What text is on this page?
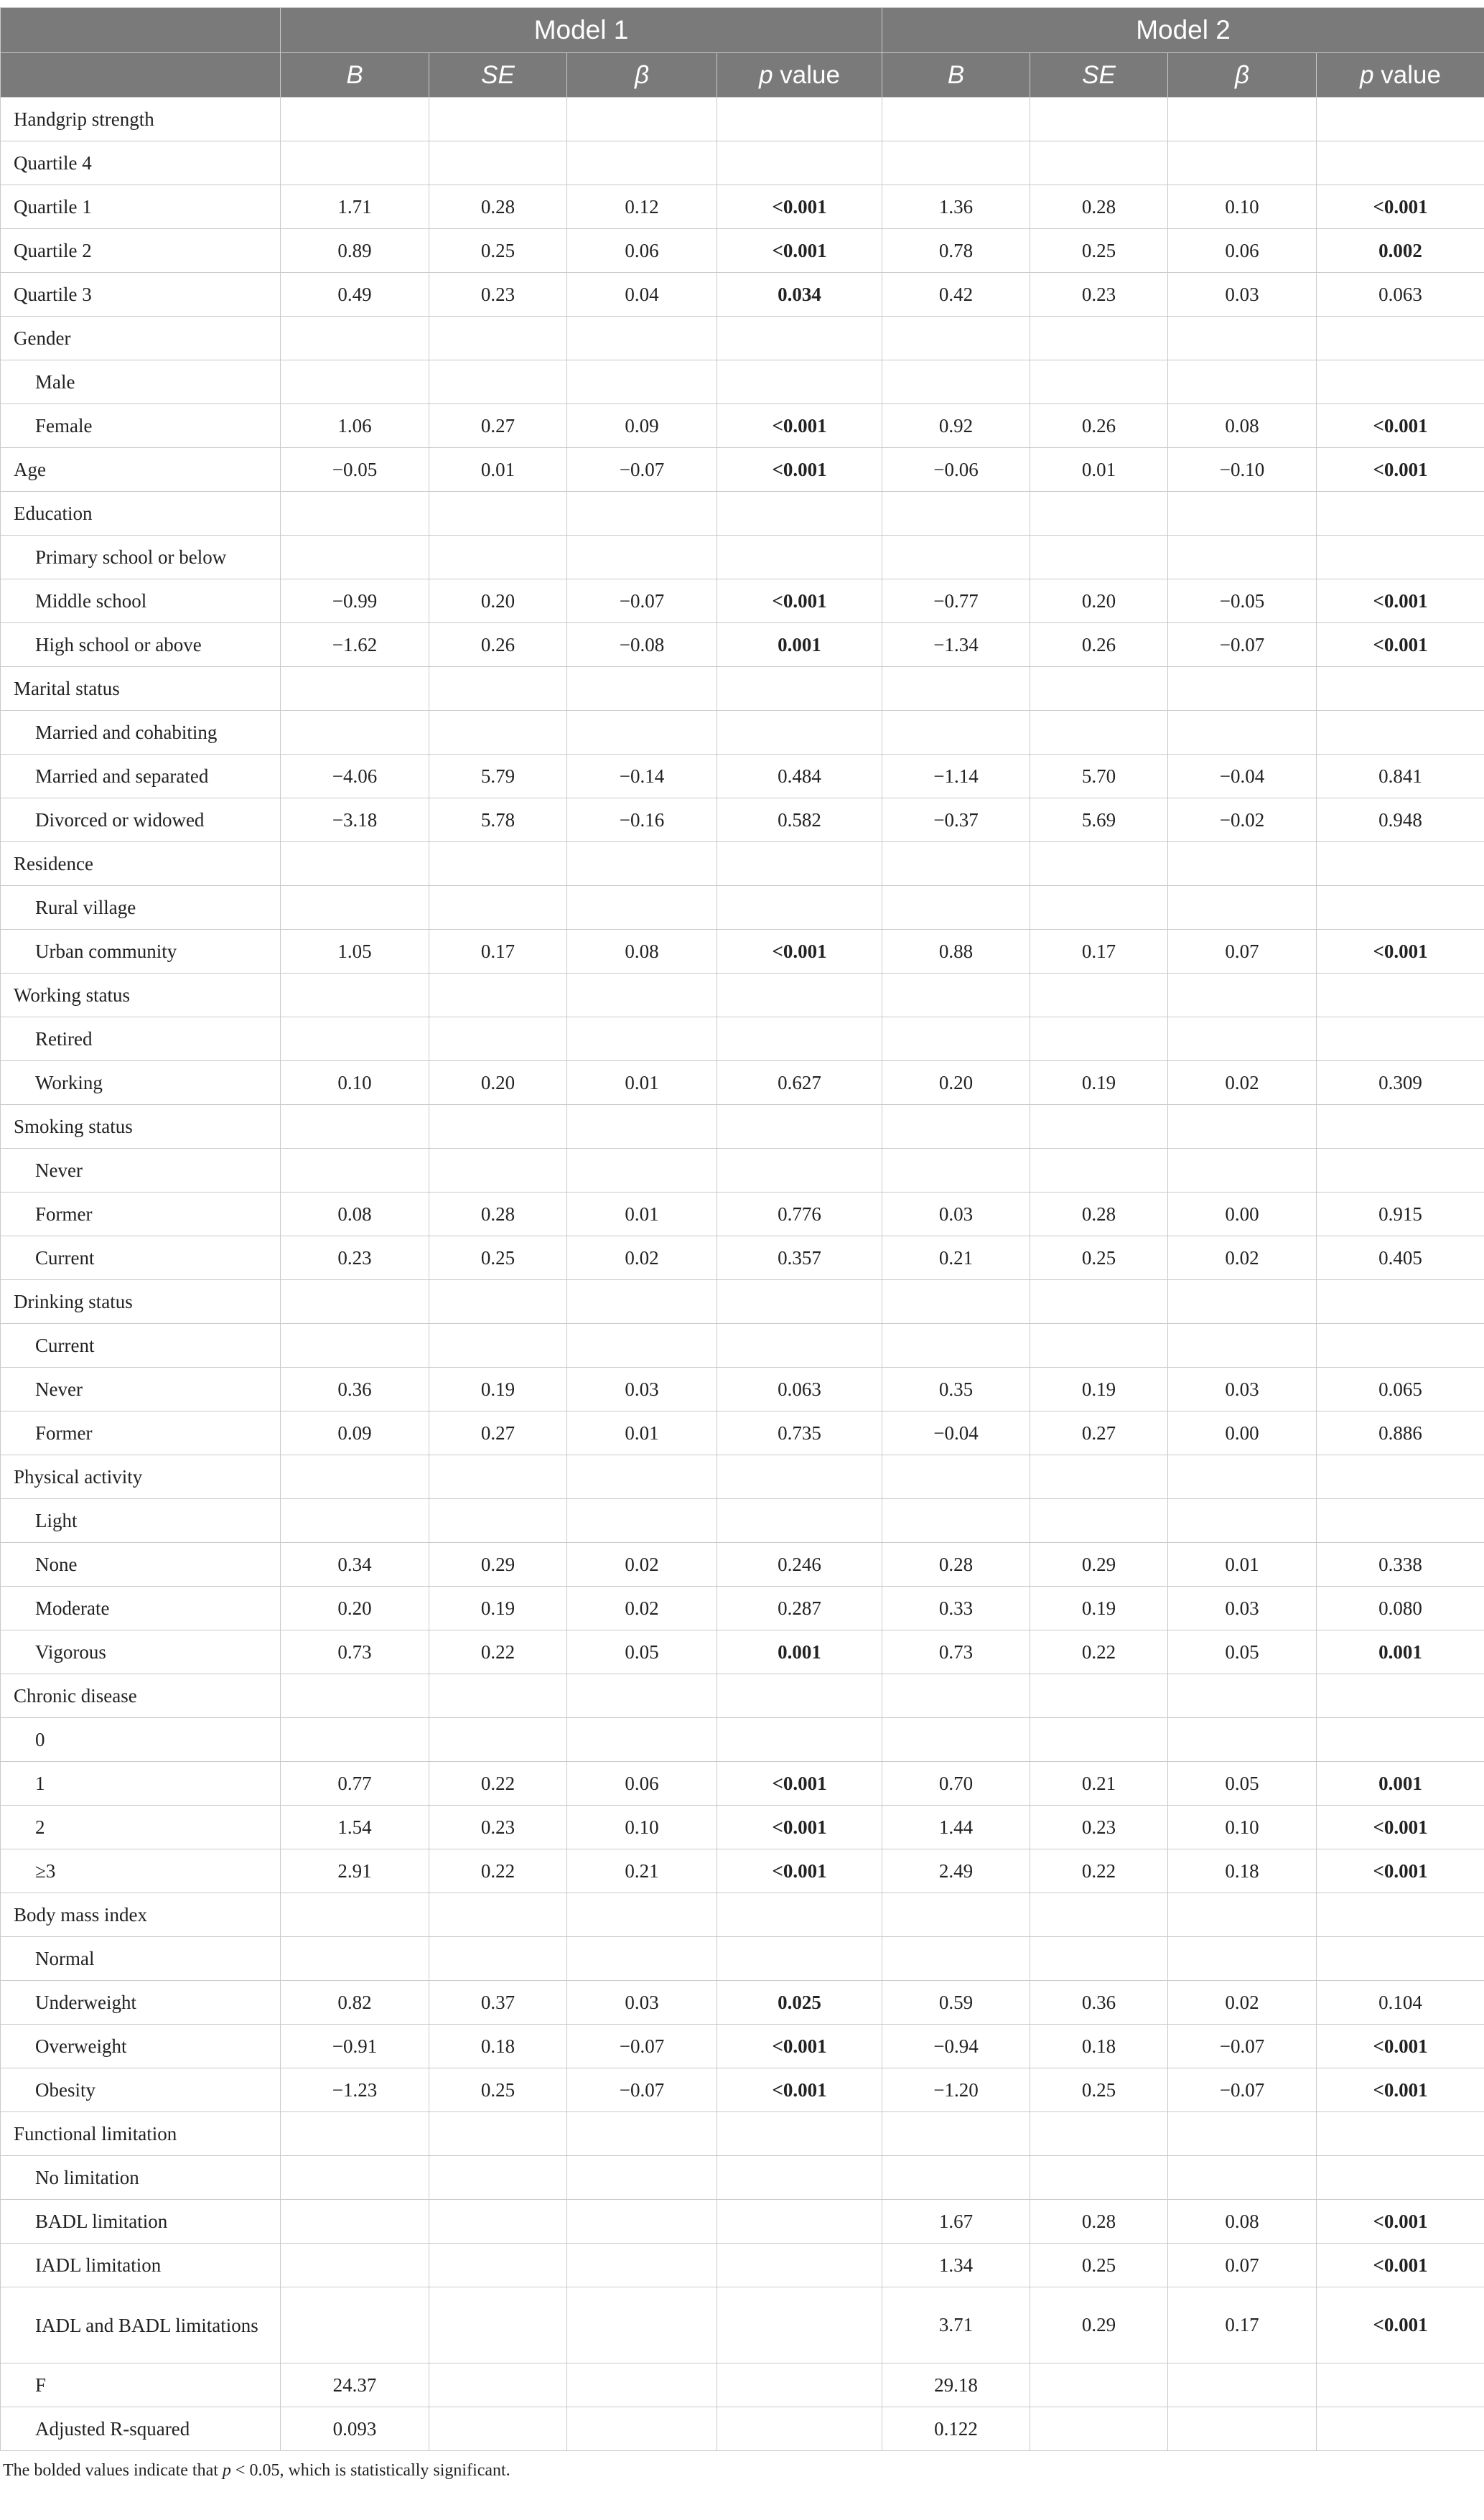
	Model 1				Model 2			
	B	SE	β	p value	B	SE	β	p value
Handgrip strength								
Quartile 4								
Quartile 1	1.71	0.28	0.12	<0.001	1.36	0.28	0.10	<0.001
Quartile 2	0.89	0.25	0.06	<0.001	0.78	0.25	0.06	0.002
Quartile 3	0.49	0.23	0.04	0.034	0.42	0.23	0.03	0.063
Gender								
Male								
Female	1.06	0.27	0.09	<0.001	0.92	0.26	0.08	<0.001
Age	−0.05	0.01	−0.07	<0.001	−0.06	0.01	−0.10	<0.001
Education								
Primary school or below								
Middle school	−0.99	0.20	−0.07	<0.001	−0.77	0.20	−0.05	<0.001
High school or above	−1.62	0.26	−0.08	0.001	−1.34	0.26	−0.07	<0.001
Marital status								
Married and cohabiting								
Married and separated	−4.06	5.79	−0.14	0.484	−1.14	5.70	−0.04	0.841
Divorced or widowed	−3.18	5.78	−0.16	0.582	−0.37	5.69	−0.02	0.948
Residence								
Rural village								
Urban community	1.05	0.17	0.08	<0.001	0.88	0.17	0.07	<0.001
Working status								
Retired								
Working	0.10	0.20	0.01	0.627	0.20	0.19	0.02	0.309
Smoking status								
Never								
Former	0.08	0.28	0.01	0.776	0.03	0.28	0.00	0.915
Current	0.23	0.25	0.02	0.357	0.21	0.25	0.02	0.405
Drinking status								
Current								
Never	0.36	0.19	0.03	0.063	0.35	0.19	0.03	0.065
Former	0.09	0.27	0.01	0.735	−0.04	0.27	0.00	0.886
Physical activity								
Light								
None	0.34	0.29	0.02	0.246	0.28	0.29	0.01	0.338
Moderate	0.20	0.19	0.02	0.287	0.33	0.19	0.03	0.080
Vigorous	0.73	0.22	0.05	0.001	0.73	0.22	0.05	0.001
Chronic disease								
0								
1	0.77	0.22	0.06	<0.001	0.70	0.21	0.05	0.001
2	1.54	0.23	0.10	<0.001	1.44	0.23	0.10	<0.001
≥3	2.91	0.22	0.21	<0.001	2.49	0.22	0.18	<0.001
Body mass index								
Normal								
Underweight	0.82	0.37	0.03	0.025	0.59	0.36	0.02	0.104
Overweight	−0.91	0.18	−0.07	<0.001	−0.94	0.18	−0.07	<0.001
Obesity	−1.23	0.25	−0.07	<0.001	−1.20	0.25	−0.07	<0.001
Functional limitation								
No limitation								
BADL limitation					1.67	0.28	0.08	<0.001
IADL limitation					1.34	0.25	0.07	<0.001
IADL and BADL limitations					3.71	0.29	0.17	<0.001
F	24.37				29.18			
Adjusted R-squared	0.093				0.122			
The bolded values indicate that p < 0.05, which is statistically significant.
